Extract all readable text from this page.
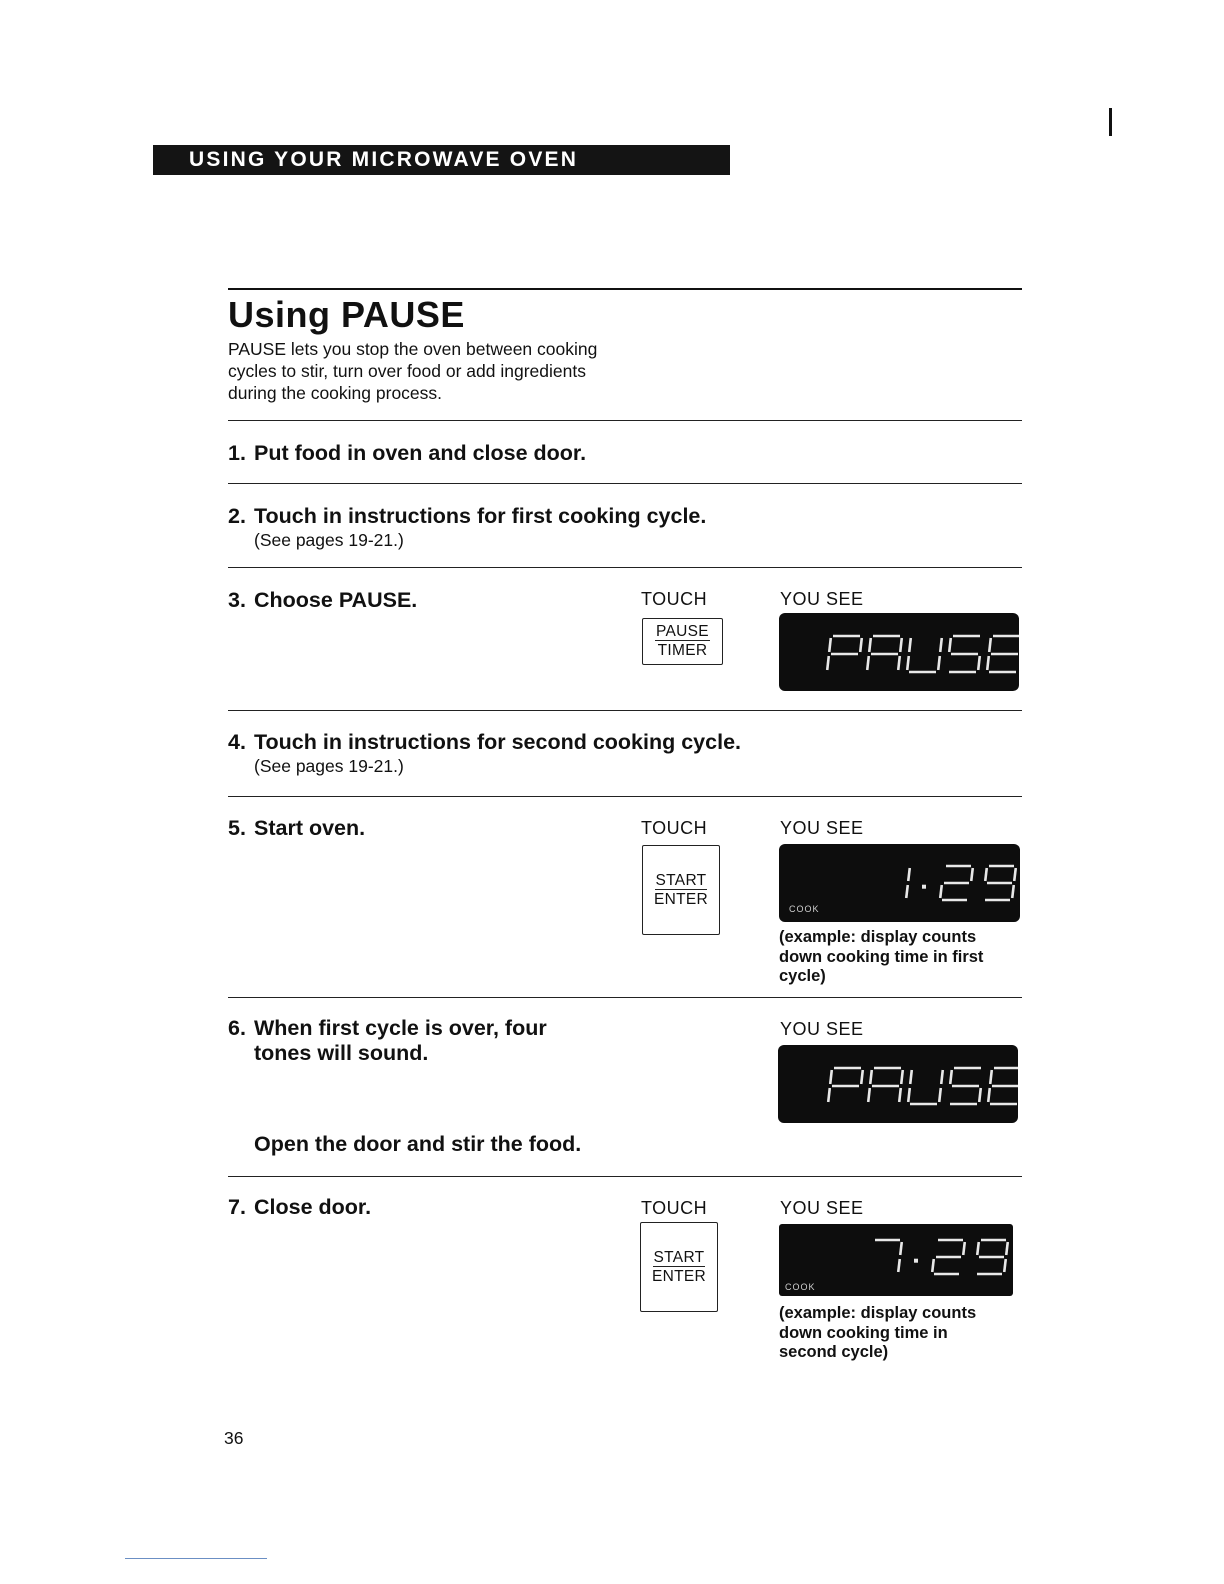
USING YOUR MICROWAVE OVEN
Using PAUSE
PAUSE lets you stop the oven between cooking cycles to stir, turn over food or add ingredients during the cooking process.
1. Put food in oven and close door.
2. Touch in instructions for first cooking cycle.
(See pages 19-21.)
3. Choose PAUSE.	TOUCH	YOU SEE
PAUSE
TIMER
4. Touch in instructions for second cooking cycle.
(See pages 19-21.)
5. Start oven.	TOUCH	YOU SEE
START
ENTER
COOK
(example: display counts down cooking time in first cycle)
6. When first cycle is over, four
tones will sound.
YOU SEE
Open the door and stir the food.
7. Close door.	TOUCH	YOU SEE
START
ENTER
COOK
(example: display counts down cooking time in second cycle)
36
